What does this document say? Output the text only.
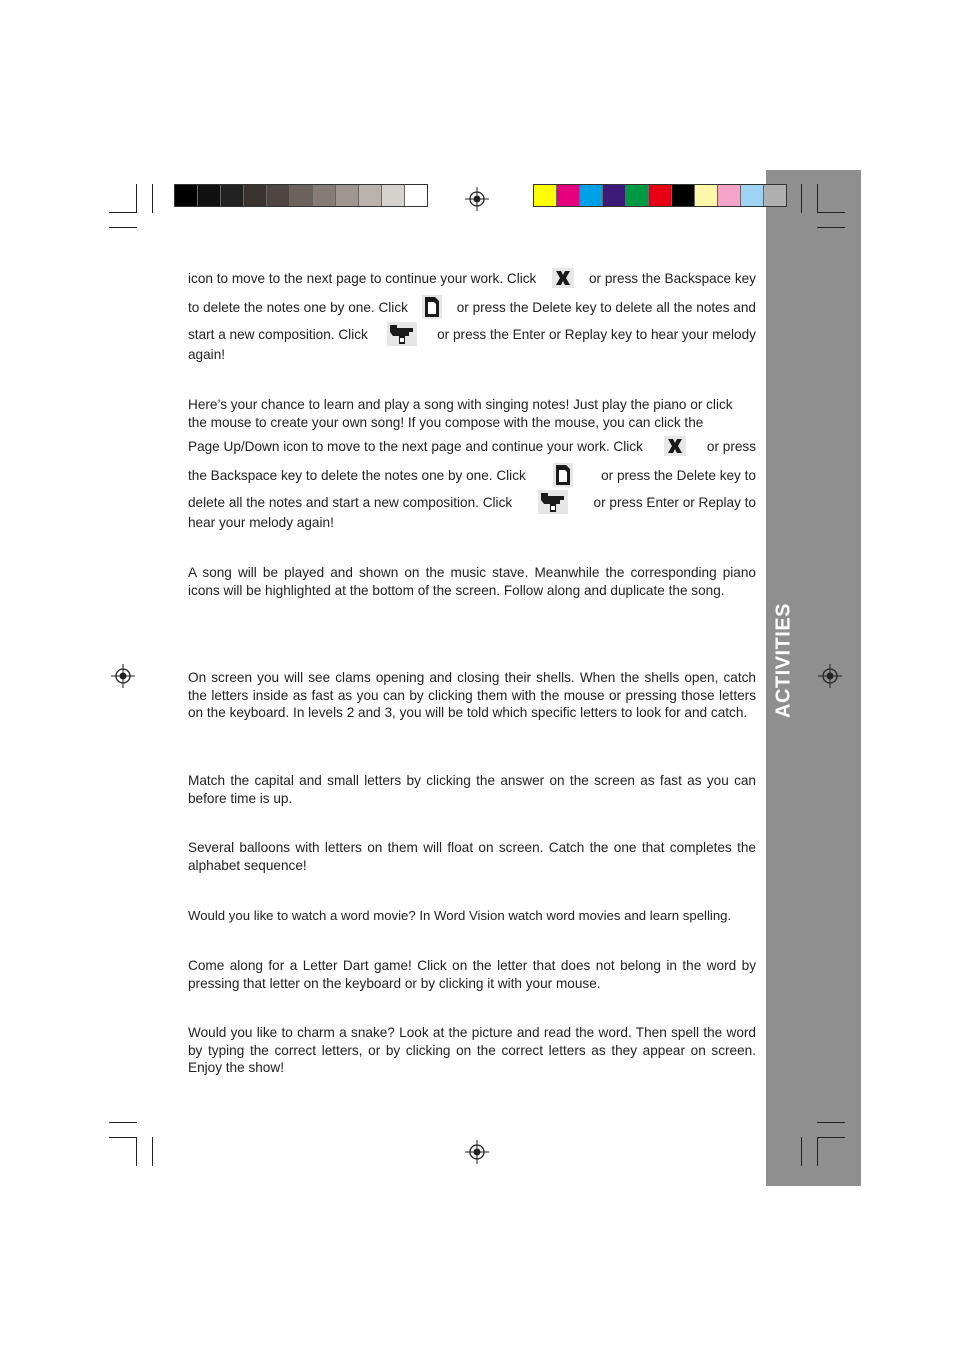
ACTIVITIES
icon to move to the next page to continue your work. Click	or press the Backspace key
to delete the notes one by one. Click	or press the Delete key to delete all the notes and
start a new composition. Click	or press the Enter or Replay key to hear your melody
again!
Here’s your chance to learn and play a song with singing notes! Just play the piano or click
the mouse to create your own song! If you compose with the mouse, you can click the
Page Up/Down icon to move to the next page and continue your work. Click	or press
the Backspace key to delete the notes one by one. Click	or press the Delete key to
delete all the notes and start a new composition. Click	or press Enter or Replay to
hear your melody again!
A song will be played and shown on the music stave. Meanwhile the corresponding piano icons will be highlighted at the bottom of the screen. Follow along and duplicate the song.
On screen you will see clams opening and closing their shells. When the shells open, catch the letters inside as fast as you can by clicking them with the mouse or pressing those letters on the keyboard. In levels 2 and 3, you will be told which specific letters to look for and catch.
Match the capital and small letters by clicking the answer on the screen as fast as you can before time is up.
Several balloons with letters on them will float on screen. Catch the one that completes the alphabet sequence!
Would you like to watch a word movie? In Word Vision watch word movies and learn spelling.
Come along for a Letter Dart game! Click on the letter that does not belong in the word by pressing that letter on the keyboard or by clicking it with your mouse.
Would you like to charm a snake? Look at the picture and read the word. Then spell the word by typing the correct letters, or by clicking on the correct letters as they appear on screen. Enjoy the show!
